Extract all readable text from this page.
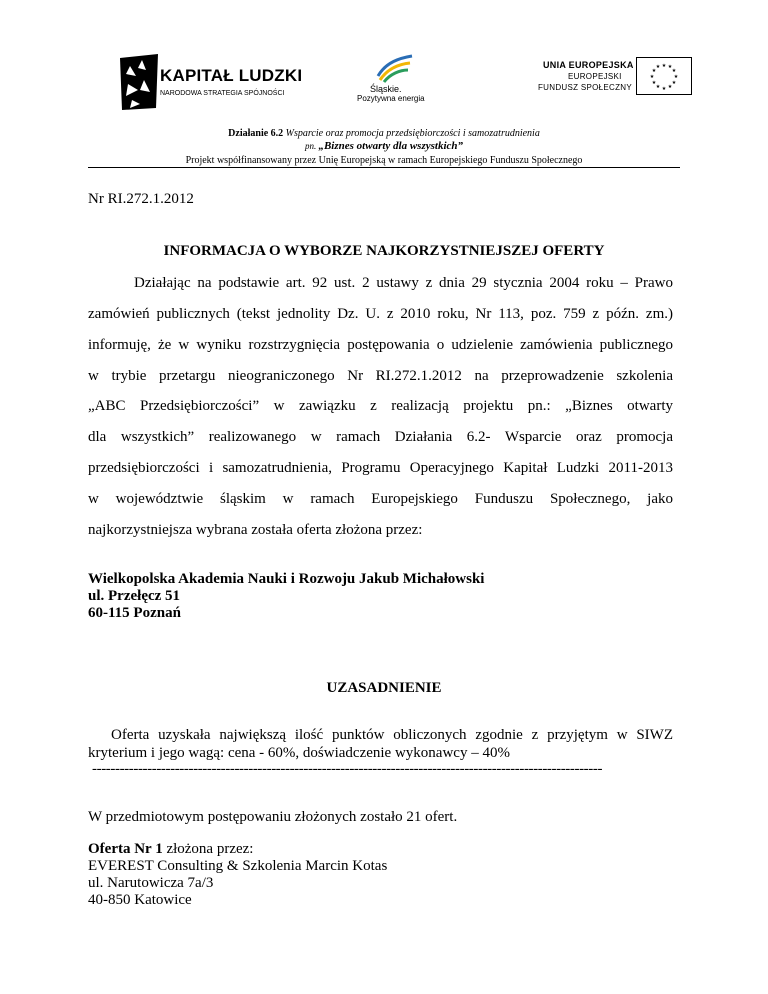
KAPITAŁ LUDZKI
NARODOWA STRATEGIA SPÓJNOŚCI	Śląskie.
Pozytywna energia
UNIA EUROPEJSKA
EUROPEJSKI
FUNDUSZ SPOŁECZNY
★ ★
★
★
★
★
★
★
★
★
★
★
Działanie 6.2 Wsparcie oraz promocja przedsiębiorczości i samozatrudnienia
pn. „Biznes otwarty dla wszystkich”
Projekt współfinansowany przez Unię Europejską w ramach Europejskiego Funduszu Społecznego
Nr RI.272.1.2012
INFORMACJA O WYBORZE NAJKORZYSTNIEJSZEJ OFERTY
Działając na podstawie art. 92 ust. 2 ustawy z dnia 29 stycznia 2004 roku – Prawo
zamówień publicznych (tekst jednolity Dz. U. z 2010 roku, Nr 113, poz. 759 z późn. zm.)
informuję, że w wyniku rozstrzygnięcia postępowania o udzielenie zamówienia publicznego
w trybie przetargu nieograniczonego Nr RI.272.1.2012 na przeprowadzenie szkolenia
„ABC Przedsiębiorczości” w zawiązku z realizacją projektu pn.: „Biznes otwarty
dla wszystkich” realizowanego w ramach Działania 6.2- Wsparcie oraz promocja
przedsiębiorczości i samozatrudnienia, Programu Operacyjnego Kapitał Ludzki 2011-2013
w województwie śląskim w ramach Europejskiego Funduszu Społecznego, jako
najkorzystniejsza wybrana została oferta złożona przez:
Wielkopolska Akademia Nauki i Rozwoju Jakub Michałowski
ul. Przełęcz 51
60-115 Poznań
UZASADNIENIE
Oferta uzyskała największą ilość punktów obliczonych zgodnie z przyjętym w SIWZ
kryterium i jego wagą: cena - 60%, doświadczenie wykonawcy – 40%
---------------------------------------------------------------------------------------------------------------
W przedmiotowym postępowaniu złożonych zostało 21 ofert.
Oferta Nr 1 złożona przez:
EVEREST Consulting & Szkolenia Marcin Kotas
ul. Narutowicza 7a/3
40-850 Katowice
